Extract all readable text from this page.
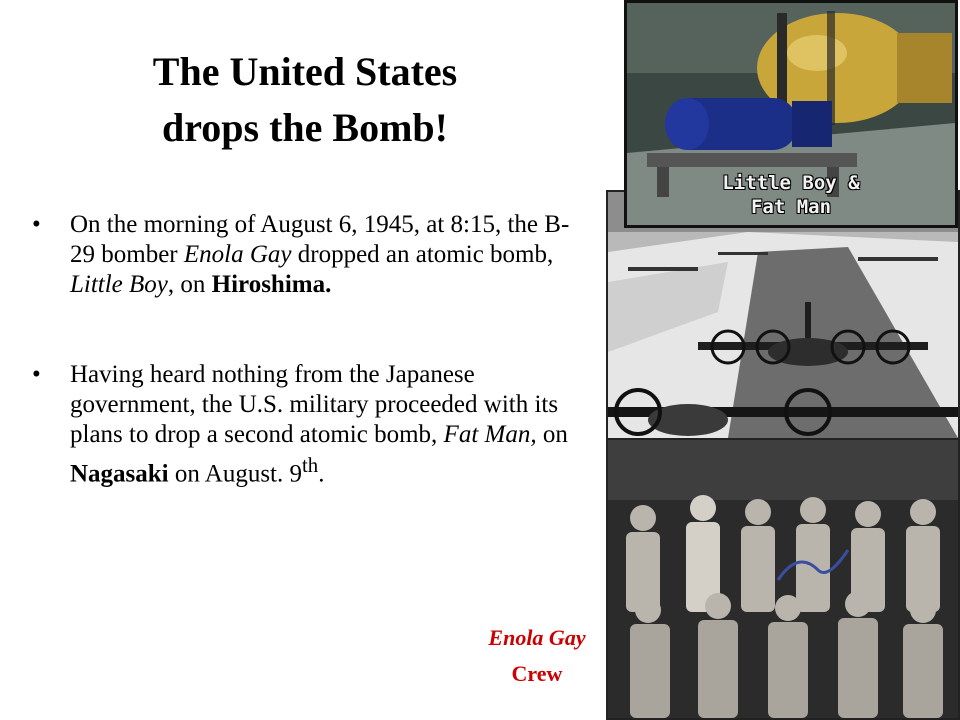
The United States
drops the Bomb!
• On the morning of August 6, 1945, at 8:15, the B-29 bomber Enola Gay dropped an atomic bomb, Little Boy, on Hiroshima.
• Having heard nothing from the Japanese government, the U.S. military proceeded with its plans to drop a second atomic bomb, Fat Man, on Nagasaki on August. 9th.
Enola Gay
Crew
Little Boy &
Fat Man
